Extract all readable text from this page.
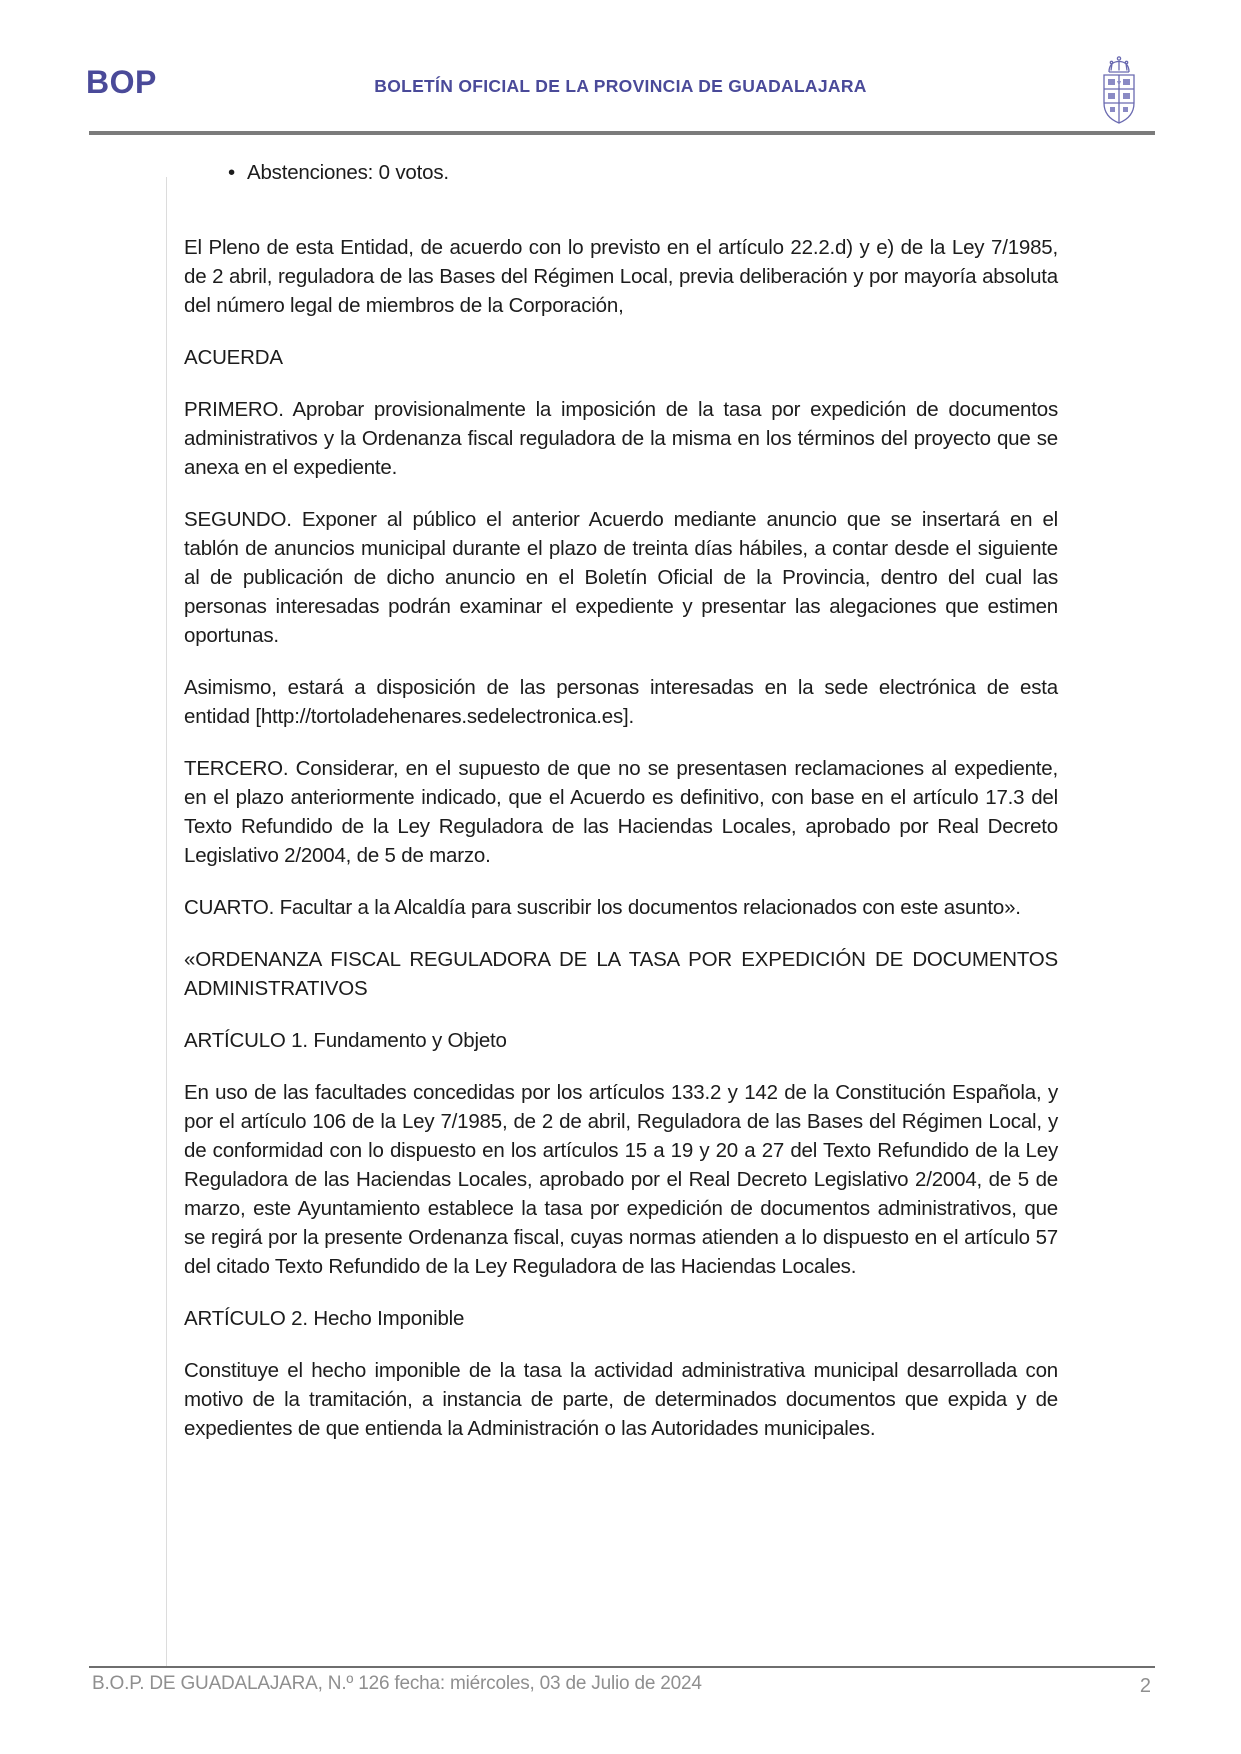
BOP	BOLETÍN OFICIAL DE LA PROVINCIA DE GUADALAJARA
• Abstenciones: 0 votos.

El Pleno de esta Entidad, de acuerdo con lo previsto en el artículo 22.2.d) y e) de la Ley 7/1985, de 2 abril, reguladora de las Bases del Régimen Local, previa deliberación y por mayoría absoluta del número legal de miembros de la Corporación,

ACUERDA

PRIMERO. Aprobar provisionalmente la imposición de la tasa por expedición de documentos administrativos y la Ordenanza fiscal reguladora de la misma en los términos del proyecto que se anexa en el expediente.

SEGUNDO. Exponer al público el anterior Acuerdo mediante anuncio que se insertará en el tablón de anuncios municipal durante el plazo de treinta días hábiles, a contar desde el siguiente al de publicación de dicho anuncio en el Boletín Oficial de la Provincia, dentro del cual las personas interesadas podrán examinar el expediente y presentar las alegaciones que estimen oportunas.

Asimismo, estará a disposición de las personas interesadas en la sede electrónica de esta entidad [http://tortoladehenares.sedelectronica.es].

TERCERO. Considerar, en el supuesto de que no se presentasen reclamaciones al expediente, en el plazo anteriormente indicado, que el Acuerdo es definitivo, con base en el artículo 17.3 del Texto Refundido de la Ley Reguladora de las Haciendas Locales, aprobado por Real Decreto Legislativo 2/2004, de 5 de marzo.

CUARTO. Facultar a la Alcaldía para suscribir los documentos relacionados con este asunto».

«ORDENANZA FISCAL REGULADORA DE LA TASA POR EXPEDICIÓN DE DOCUMENTOS ADMINISTRATIVOS

ARTÍCULO 1. Fundamento y Objeto

En uso de las facultades concedidas por los artículos 133.2 y 142 de la Constitución Española, y por el artículo 106 de la Ley 7/1985, de 2 de abril, Reguladora de las Bases del Régimen Local, y de conformidad con lo dispuesto en los artículos 15 a 19 y 20 a 27 del Texto Refundido de la Ley Reguladora de las Haciendas Locales, aprobado por el Real Decreto Legislativo 2/2004, de 5 de marzo, este Ayuntamiento establece la tasa por expedición de documentos administrativos, que se regirá por la presente Ordenanza fiscal, cuyas normas atienden a lo dispuesto en el artículo 57 del citado Texto Refundido de la Ley Reguladora de las Haciendas Locales.

ARTÍCULO 2. Hecho Imponible

Constituye el hecho imponible de la tasa la actividad administrativa municipal desarrollada con motivo de la tramitación, a instancia de parte, de determinados documentos que expida y de expedientes de que entienda la Administración o las Autoridades municipales.

B.O.P. DE GUADALAJARA, N.º 126 fecha: miércoles, 03 de Julio de 2024	2
